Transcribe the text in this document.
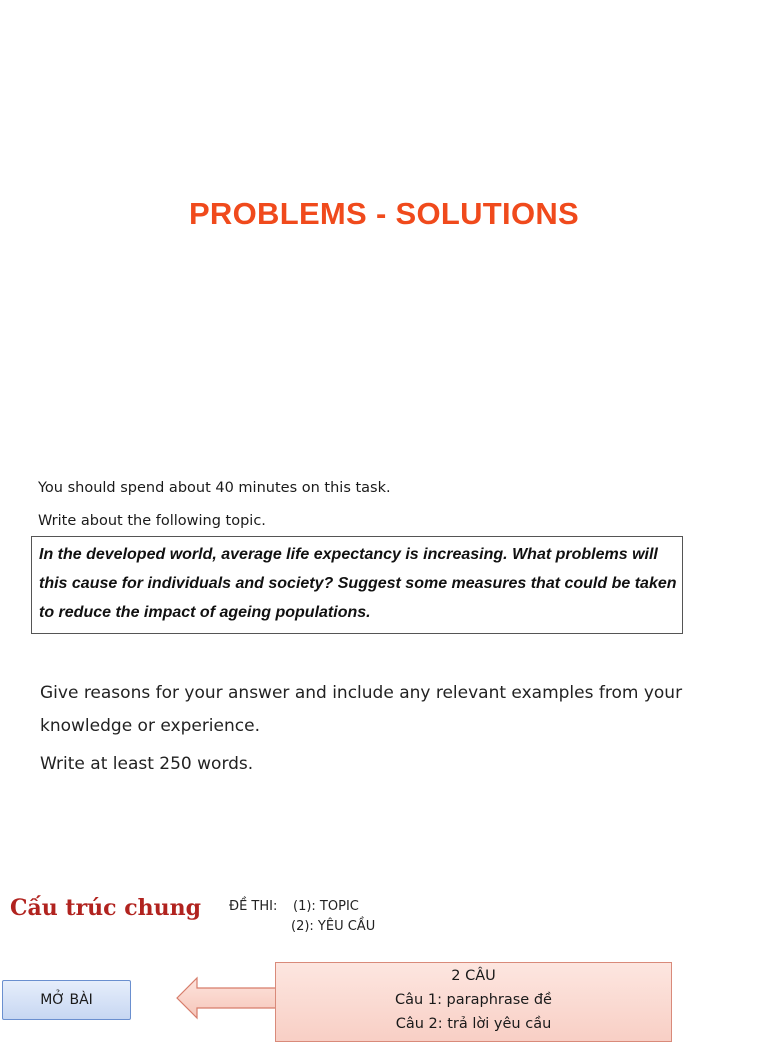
PROBLEMS - SOLUTIONS
You should spend about 40 minutes on this task.
Write about the following topic.
In the developed world, average life expectancy is increasing. What problems will
this cause for individuals and society? Suggest some measures that could be taken
to reduce the impact of ageing populations.
Give reasons for your answer and include any relevant examples from your
knowledge or experience.
Write at least 250 words.
Cấu trúc chung ĐỀ THI: (1): TOPIC
(2): YÊU CẦU
MỞ BÀI
2 CÂU
Câu 1: paraphrase đề
Câu 2: trả lời yêu cầu
